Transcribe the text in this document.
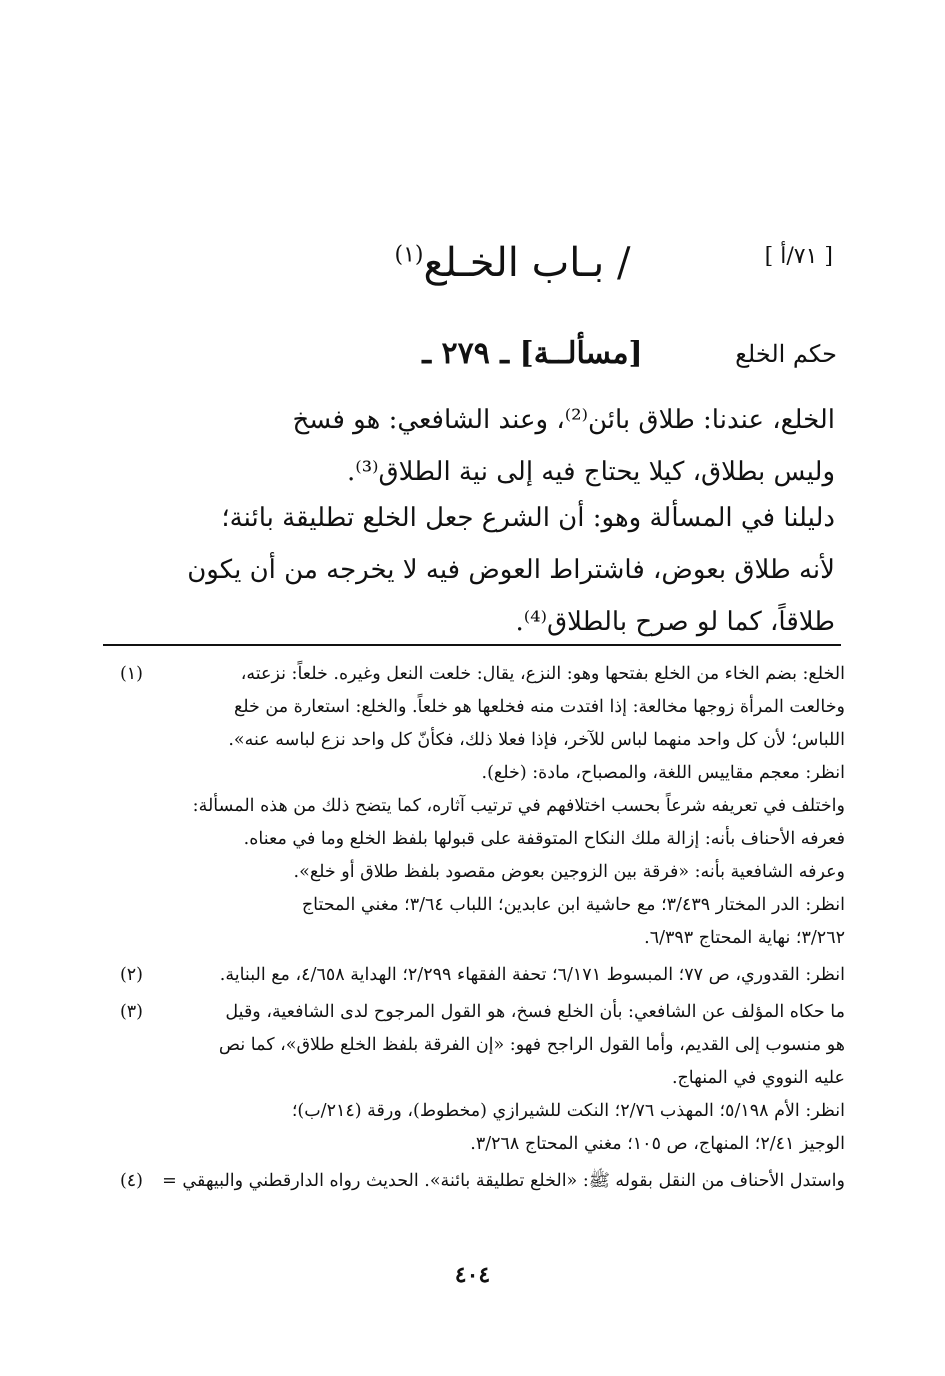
[ ٧١/أ ]
/ بـاب الخـلع$^{(١)}$
حكم الخلع
[مسألــة] ـ ٢٧٩ ـ
الخلع، عندنا: طلاق بائن⁽²⁾، وعند الشافعي: هو فسخ
وليس بطلاق، كيلا يحتاج فيه إلى نية الطلاق⁽³⁾.
دليلنا في المسألة وهو: أن الشرع جعل الخلع تطليقة بائنة؛
لأنه طلاق بعوض، فاشتراط العوض فيه لا يخرجه من أن يكون
طلاقاً، كما لو صرح بالطلاق⁽⁴⁾.
(١)	الخلع: بضم الخاء من الخلع بفتحها وهو: النزع، يقال: خلعت النعل وغيره. خلعاً: نزعته،
وخالعت المرأة زوجها مخالعة: إذا افتدت منه فخلعها هو خلعاً. والخلع: استعارة من خلع
اللباس؛ لأن كل واحد منهما لباس للآخر، فإذا فعلا ذلك، فكأنّ كل واحد نزع لباسه عنه».
انظر: معجم مقاييس اللغة، والمصباح، مادة: (خلع).
واختلف في تعريفه شرعاً بحسب اختلافهم في ترتيب آثاره، كما يتضح ذلك من هذه المسألة:
فعرفه الأحناف بأنه: إزالة ملك النكاح المتوقفة على قبولها بلفظ الخلع وما في معناه.
وعرفه الشافعية بأنه: «فرقة بين الزوجين بعوض مقصود بلفظ طلاق أو خلع».
انظر: الدر المختار ٣/٤٣٩؛ مع حاشية ابن عابدين؛ اللباب ٣/٦٤؛ مغني المحتاج
٣/٢٦٢؛ نهاية المحتاج ٦/٣٩٣.
(٢)	انظر: القدوري، ص ٧٧؛ المبسوط ٦/١٧١؛ تحفة الفقهاء ٢/٢٩٩؛ الهداية ٤/٦٥٨، مع البناية.
(٣)	ما حكاه المؤلف عن الشافعي: بأن الخلع فسخ، هو القول المرجوح لدى الشافعية، وقيل
هو منسوب إلى القديم، وأما القول الراجح فهو: «إن الفرقة بلفظ الخلع طلاق»، كما نص
عليه النووي في المنهاج.
انظر: الأم ٥/١٩٨؛ المهذب ٢/٧٦؛ النكت للشيرازي (مخطوط)، ورقة (٢١٤/ب)؛
الوجيز ٢/٤١؛ المنهاج، ص ١٠٥؛ مغني المحتاج ٣/٢٦٨.
(٤)	واستدل الأحناف من النقل بقوله ﷺ: «الخلع تطليقة بائنة». الحديث رواه الدارقطني والبيهقي =
٤٠٤
